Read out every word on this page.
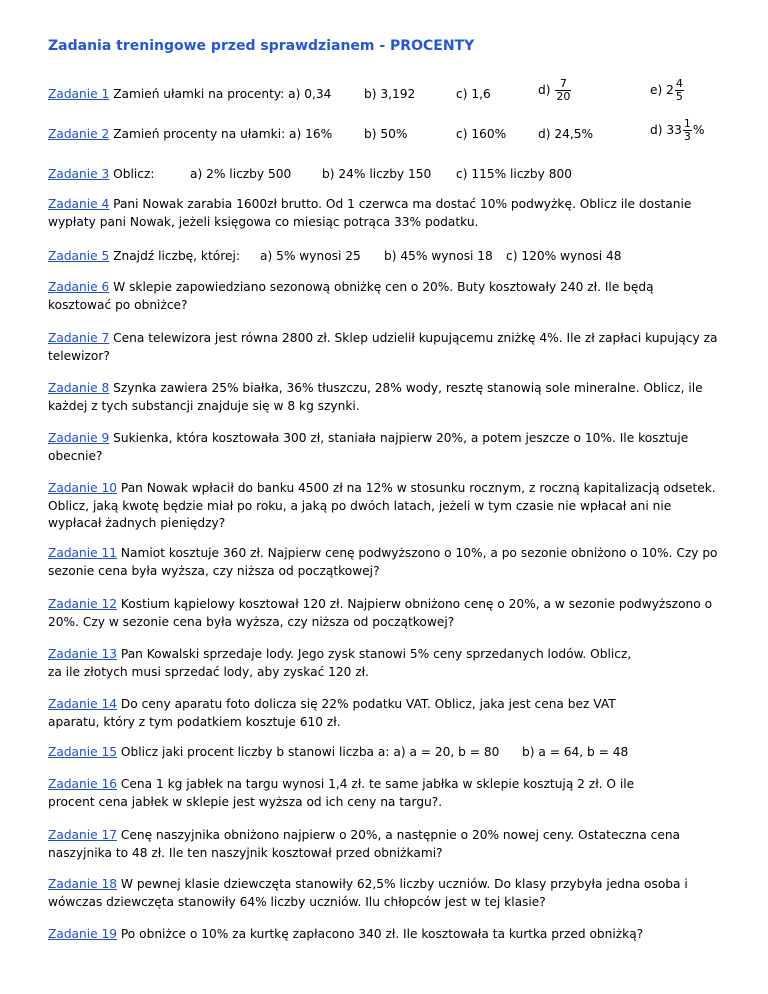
Zadania treningowe przed sprawdzianem - PROCENTY
Zadanie 1 Zamień ułamki na procenty: a) 0,34	b) 3,192	c) 1,6	$d) \frac{7}{20}$	e) $2 \frac{4}{5}$
Zadanie 2 Zamień procenty na ułamki: a) 16%	b) 50%	c) 160%	d) 24,5%	d) $33 \frac{1}{3}$ %
Zadanie 3 Oblicz:	a) 2% liczby 500	b) 24% liczby 150 c) 115% liczby 800
Zadanie 4 Pani Nowak zarabia 1600zł brutto. Od 1 czerwca ma dostać 10% podwyżkę. Oblicz ile dostanie wypłaty pani Nowak, jeżeli księgowa co miesiąc potrąca 33% podatku.
Zadanie 5 Znajdź liczbę, której: a) 5% wynosi 25 b) 45% wynosi 18 c) 120% wynosi 48
Zadanie 6 W sklepie zapowiedziano sezonową obniżkę cen o 20%. Buty kosztowały 240 zł. Ile będą kosztować po obniżce?
Zadanie 7 Cena telewizora jest równa 2800 zł. Sklep udzielił kupującemu zniżkę 4%. Ile zł zapłaci kupujący za telewizor?
Zadanie 8 Szynka zawiera 25% białka, 36% tłuszczu, 28% wody, resztę stanowią sole mineralne. Oblicz, ile każdej z tych substancji znajduje się w 8 kg szynki.
Zadanie 9 Sukienka, która kosztowała 300 zł, staniała najpierw 20%, a potem jeszcze o 10%. Ile kosztuje obecnie?
Zadanie 10 Pan Nowak wpłacił do banku 4500 zł na 12% w stosunku rocznym, z roczną kapitalizacją odsetek. Oblicz, jaką kwotę będzie miał po roku, a jaką po dwóch latach, jeżeli w tym czasie nie wpłacał ani nie wypłacał żadnych pieniędzy?
Zadanie 11 Namiot kosztuje 360 zł. Najpierw cenę podwyższono o 10%, a po sezonie obniżono o 10%. Czy po sezonie cena była wyższa, czy niższa od początkowej?
Zadanie 12 Kostium kąpielowy kosztował 120 zł. Najpierw obniżono cenę o 20%, a w sezonie podwyższono o 20%. Czy w sezonie cena była wyższa, czy niższa od początkowej?
Zadanie 13 Pan Kowalski sprzedaje lody. Jego zysk stanowi 5% ceny sprzedanych lodów. Oblicz,
za ile złotych musi sprzedać lody, aby zyskać 120 zł.
Zadanie 14 Do ceny aparatu foto dolicza się 22% podatku VAT. Oblicz, jaka jest cena bez VAT
aparatu, który z tym podatkiem kosztuje 610 zł.
Zadanie 15 Oblicz jaki procent liczby b stanowi liczba a: a) a = 20, b = 80 b) a = 64, b = 48
Zadanie 16 Cena 1 kg jabłek na targu wynosi 1,4 zł. te same jabłka w sklepie kosztują 2 zł. O ile
procent cena jabłek w sklepie jest wyższa od ich ceny na targu?.
Zadanie 17 Cenę naszyjnika obniżono najpierw o 20%, a następnie o 20% nowej ceny. Ostateczna cena naszyjnika to 48 zł. Ile ten naszyjnik kosztował przed obniżkami?
Zadanie 18 W pewnej klasie dziewczęta stanowiły 62,5% liczby uczniów. Do klasy przybyła jedna osoba i wówczas dziewczęta stanowiły 64% liczby uczniów. Ilu chłopców jest w tej klasie?
Zadanie 19 Po obniżce o 10% za kurtkę zapłacono 340 zł. Ile kosztowała ta kurtka przed obniżką?
